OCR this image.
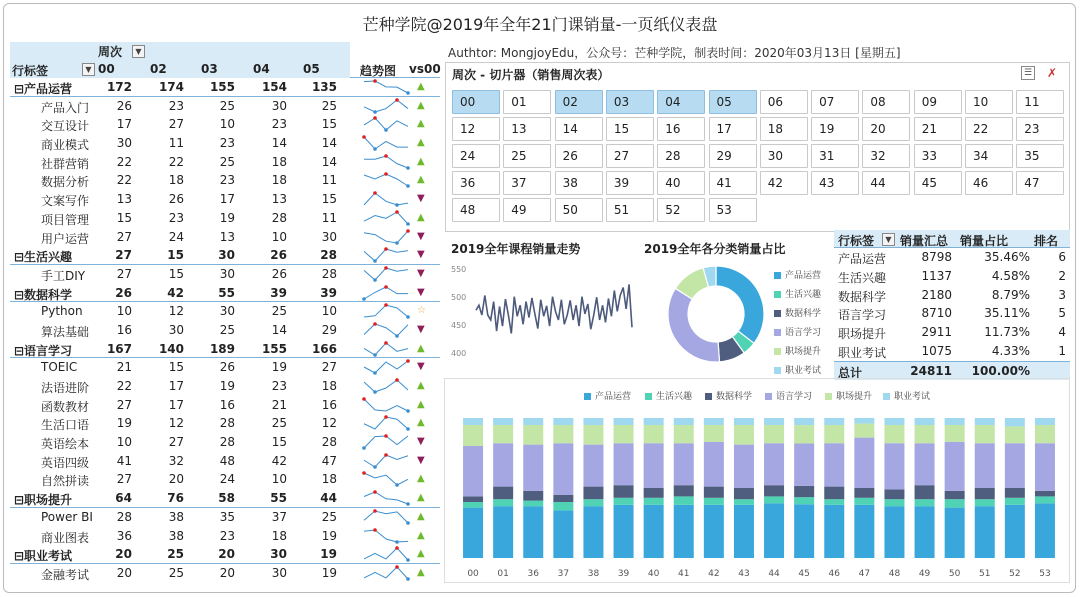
芒种学院@2019年全年21门课销量-一页纸仪表盘
Authtor: MongjoyEdu，公众号：芒种学院，制表时间：2020年03月13日 [星期五]
周次	▼
行标签	▼ 00	02	03	04	05	趋势图 vs00
⊟产品运营	172	174	155	154	135	▲
产品入门	26	23	25	30	25	▲
交互设计	17	27	10	23	15	▲
商业模式	30	11	23	14	14	▲
社群营销	22	22	25	18	14	▲
数据分析	22	18	23	18	11	▲
文案写作	13	26	17	13	15	▼
项目管理	15	23	19	28	11	▲
用户运营	27	24	13	10	30	▼
⊟生活兴趣	27	15	30	26	28	▼
手工DIY	27	15	30	26	28	▼
⊟数据科学	26	42	55	39	39	▼
Python	10	12	30	25	10	☆
算法基础	16	30	25	14	29	▼
⊟语言学习	167	140	189	155	166	▲
TOEIC	21	15	26	19	27	▼
法语进阶	22	17	19	23	18	▲
函数教材	27	17	16	21	16	▲
生活口语	19	12	28	25	12	▲
英语绘本	10	27	28	15	28	▼
英语四级	41	32	48	42	47	▼
自然拼读	27	20	24	10	18	▲
⊟职场提升	64	76	58	55	44	▲
Power BI	28	38	35	37	25	▲
商业图表	36	38	23	18	19	▲
⊟职业考试	20	25	20	30	19	▲
金融考试	20	25	20	30	19	▲
周次 - 切片器（销售周次表）	☰ ✗
00	01	02	03	04	05	06	07	08	09	10	11
12	13	14	15	16	17	18	19	20	21	22	23
24	25	26	27	28	29	30	31	32	33	34	35
36	37	38	39	40	41	42	43	44	45	46	47
48	49	50	51	52	53
2019全年课程销量走势
550
500
450
400
2019全年各分类销量占比
产品运营
生活兴趣
数据科学
语言学习
职场提升
职业考试
行标签	▼ 销量汇总 销量占比 排名
产品运营	8798	35.46%	6
生活兴趣	1137	4.58%	2
数据科学	2180	8.79%	3
语言学习	8710	35.11%	5
职场提升	2911	11.73%	4
职业考试	1075	4.33%	1
总计	24811	100.00%
产品运营	生活兴趣	数据科学	语言学习	职场提升	职业考试
00 01 36 37 38 39 40 41 42 43 44 45 46 47 48 49 50 51 52 53
